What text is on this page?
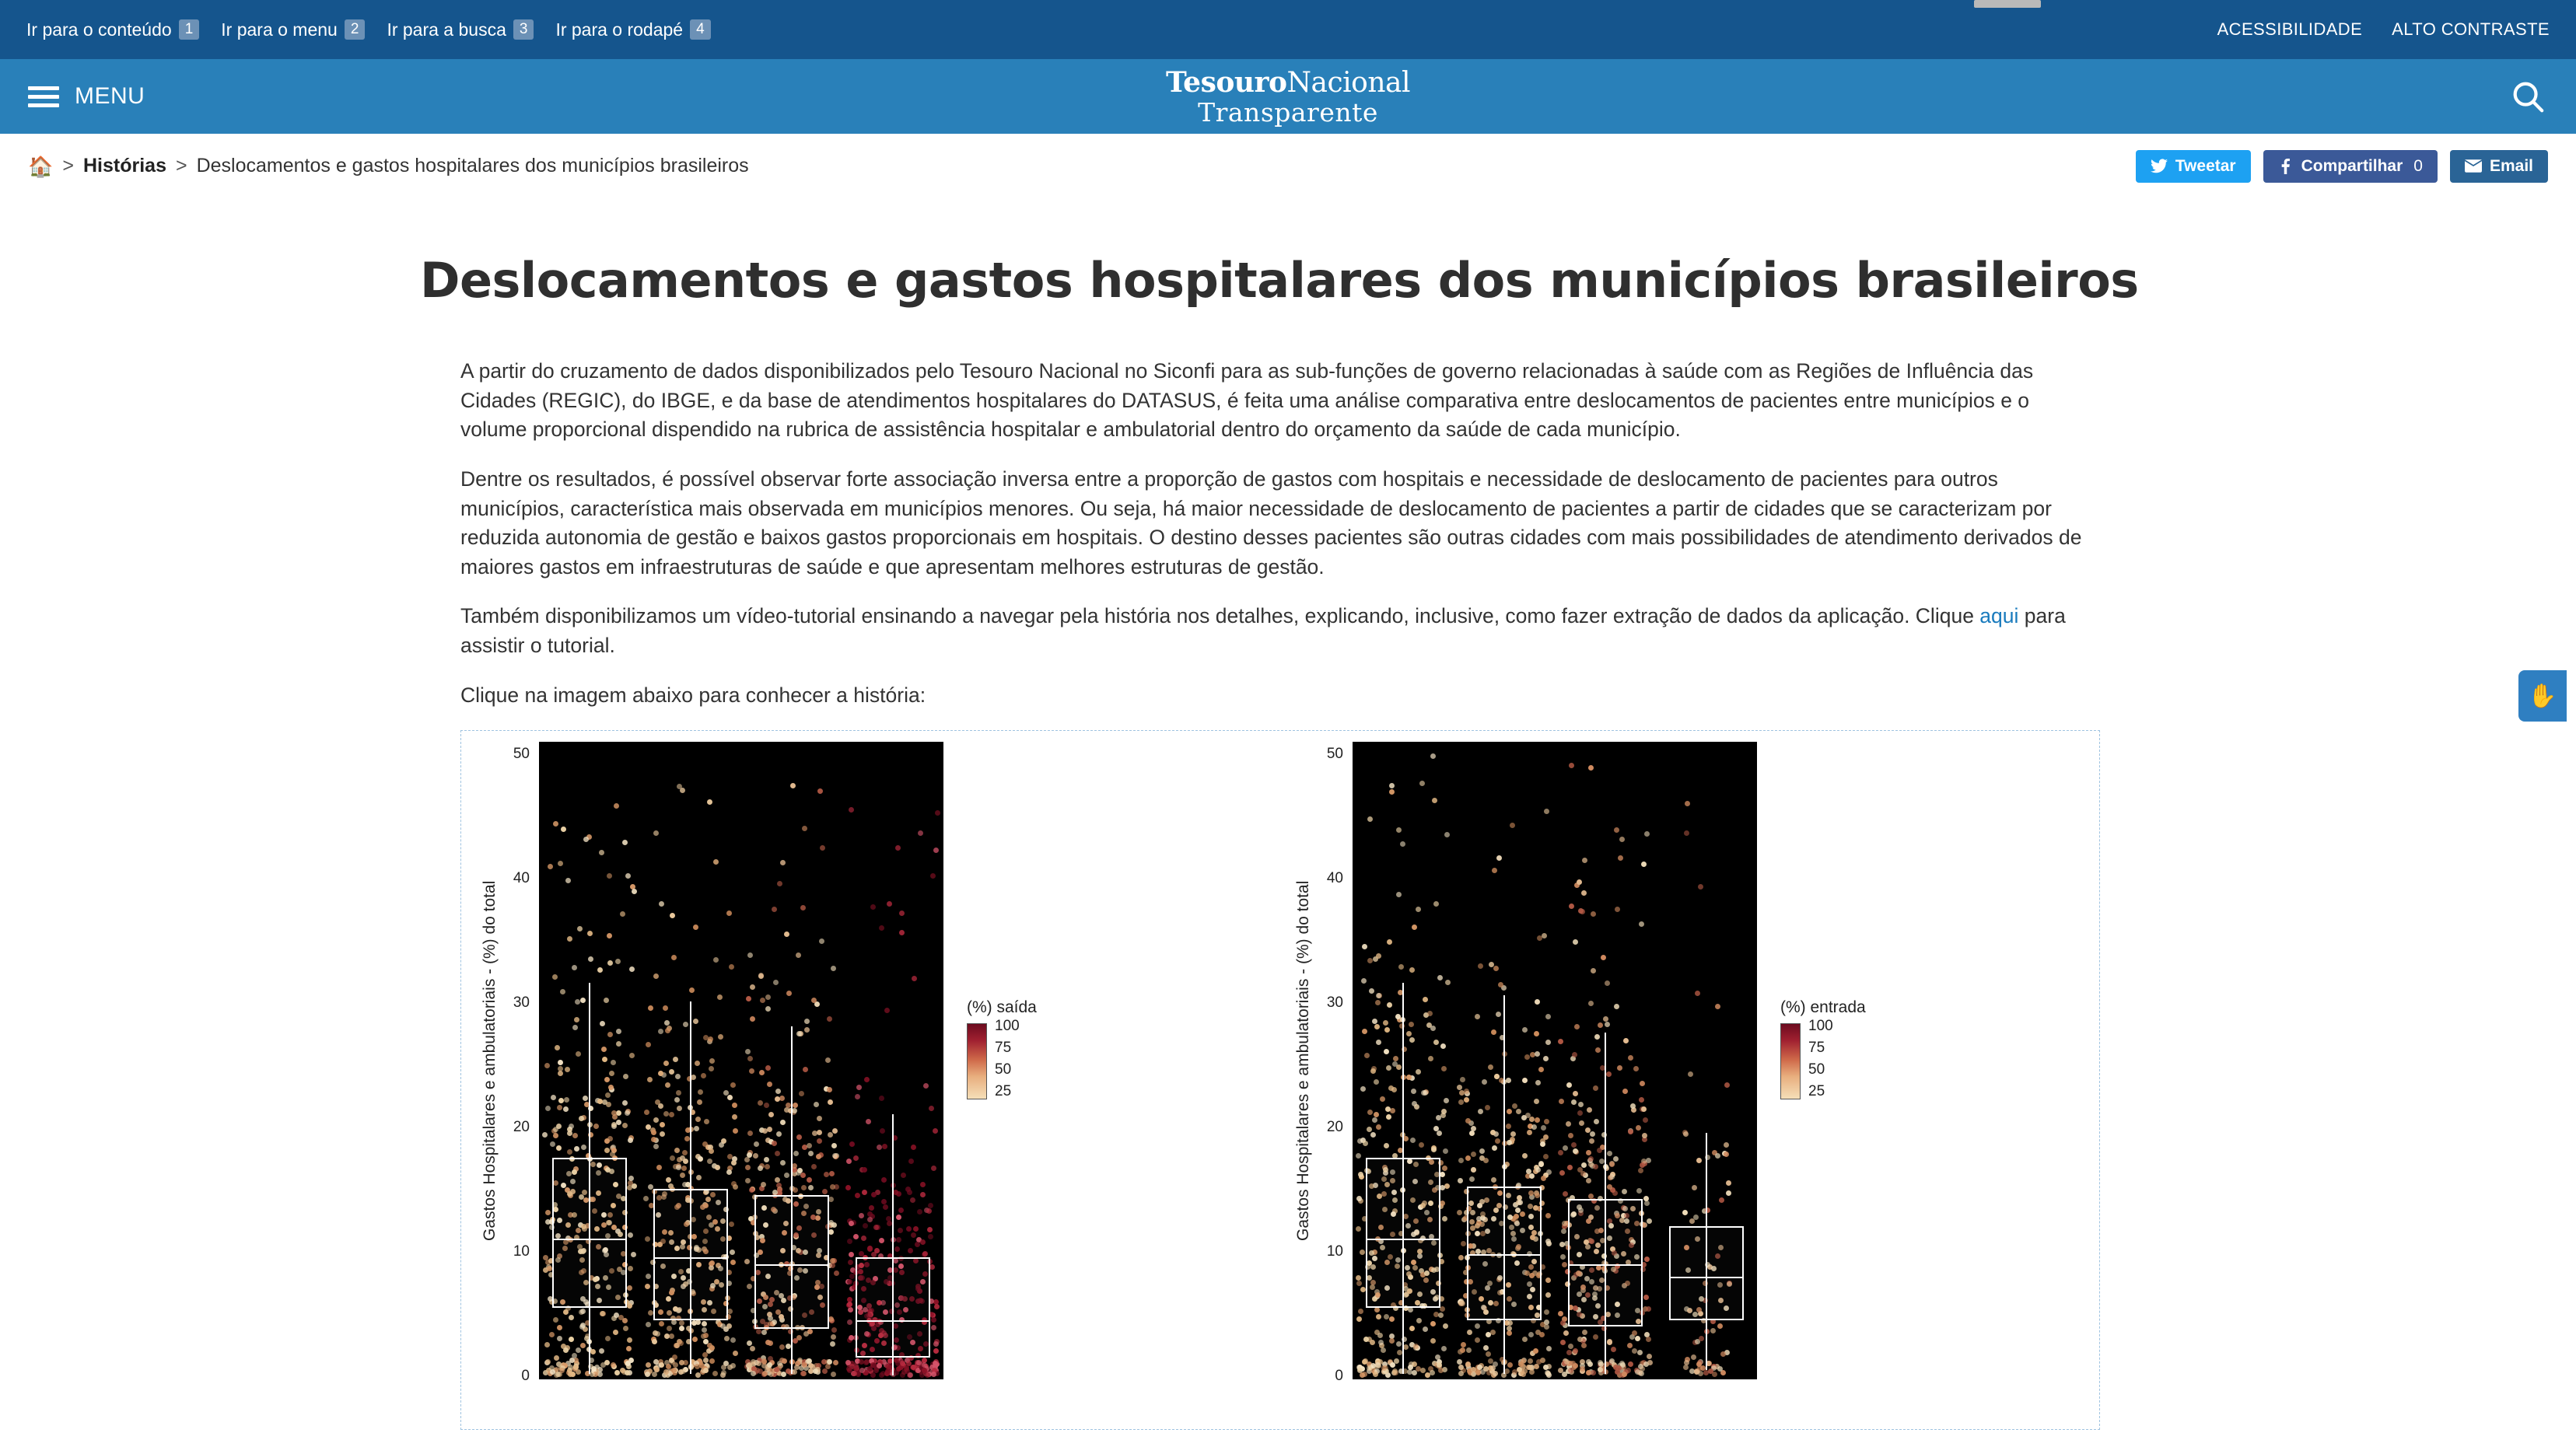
Ir para o conteúdo 1	Ir para o menu 2	Ir para a busca 3	Ir para o rodapé 4	ACESSIBILIDADE ALTO CONTRASTE
MENU	TesouroNacional
Transparente
🏠 > Histórias > Deslocamentos e gastos hospitalares dos municípios brasileiros	Tweetar	Compartilhar 0	Email
Deslocamentos e gastos hospitalares dos municípios brasileiros

A partir do cruzamento de dados disponibilizados pelo Tesouro Nacional no Siconfi para as sub-funções de governo relacionadas à saúde com as Regiões de Influência das Cidades (REGIC), do IBGE, e da base de atendimentos hospitalares do DATASUS, é feita uma análise comparativa entre deslocamentos de pacientes entre municípios e o volume proporcional dispendido na rubrica de assistência hospitalar e ambulatorial dentro do orçamento da saúde de cada município.

Dentre os resultados, é possível observar forte associação inversa entre a proporção de gastos com hospitais e necessidade de deslocamento de pacientes para outros municípios, característica mais observada em municípios menores. Ou seja, há maior necessidade de deslocamento de pacientes a partir de cidades que se caracterizam por reduzida autonomia de gestão e baixos gastos proporcionais em hospitais. O destino desses pacientes são outras cidades com mais possibilidades de atendimento derivados de maiores gastos em infraestruturas de saúde e que apresentam melhores estruturas de gestão.

Também disponibilizamos um vídeo-tutorial ensinando a navegar pela história nos detalhes, explicando, inclusive, como fazer extração de dados da aplicação. Clique aqui para assistir o tutorial.

Clique na imagem abaixo para conhecer a história:

Gastos Hospitalares e ambulatoriais - (%) do total
50
40
30
20
10
0
(%) saída
100
75
50
25	Gastos Hospitalares e ambulatoriais - (%) do total
50
40
30
20
10
0
(%) entrada
100
75
50
25
✋
